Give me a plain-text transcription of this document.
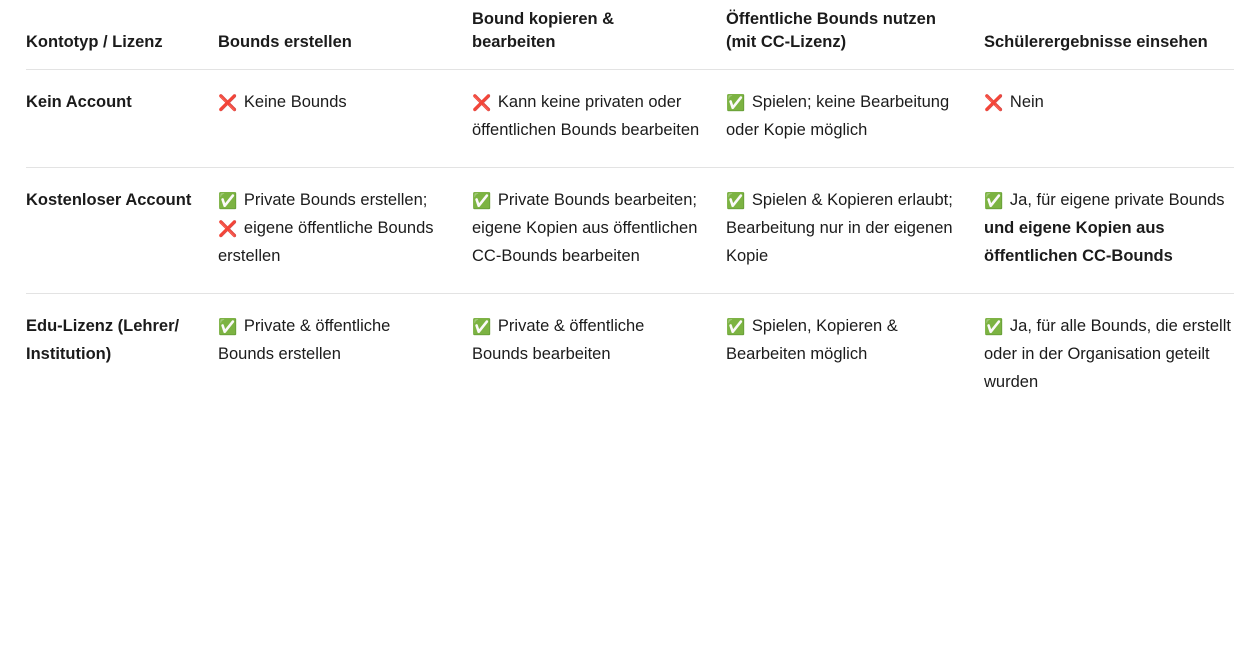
Kontotyp / Lizenz	Bounds erstellen	Bound kopieren & bearbeiten	Öffentliche Bounds nutzen (mit CC-Lizenz)	Schülerergebnisse einsehen
Kein Account	❌ Keine Bounds	❌ Kann keine privaten oder öffentlichen Bounds bearbeiten	✅ Spielen; keine Bearbeitung oder Kopie möglich	❌ Nein
Kostenloser Account	✅ Private Bounds erstellen; ❌ eigene öffentliche Bounds erstellen	✅ Private Bounds bearbeiten; eigene Kopien aus öffentlichen CC-Bounds bearbeiten	✅ Spielen & Kopieren erlaubt; Bearbeitung nur in der eigenen Kopie	✅ Ja, für eigene private Bounds und eigene Kopien aus öffentlichen CC-Bounds
Edu-Lizenz (Lehrer/ Institution)	✅ Private & öffentliche Bounds erstellen	✅ Private & öffentliche Bounds bearbeiten	✅ Spielen, Kopieren & Bearbeiten möglich	✅ Ja, für alle Bounds, die erstellt oder in der Organisation geteilt wurden
